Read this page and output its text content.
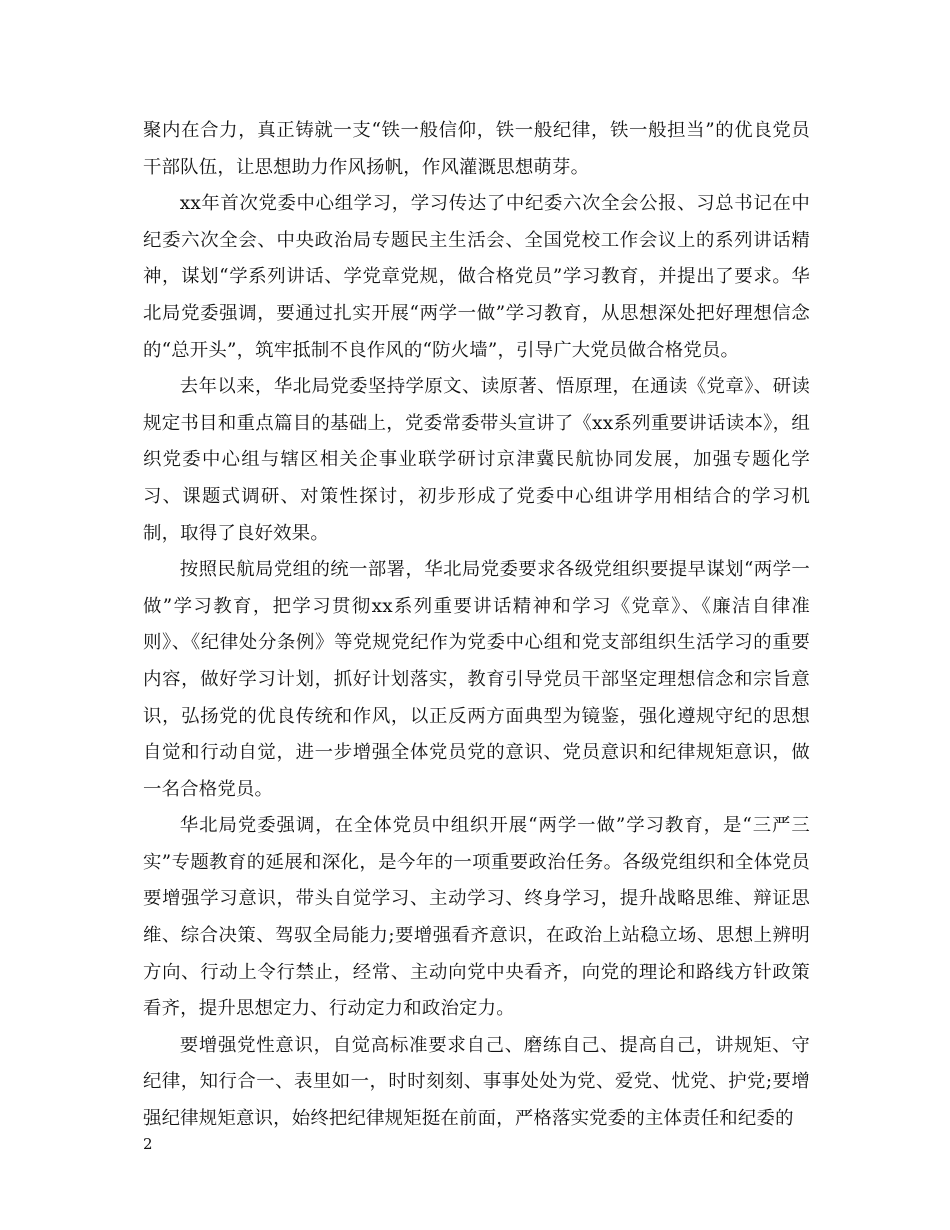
聚内在合力，真正铸就一支“铁一般信仰，铁一般纪律，铁一般担当”的优良党员干部队伍，让思想助力作风扬帆，作风灌溉思想萌芽。

xx年首次党委中心组学习，学习传达了中纪委六次全会公报、习总书记在中纪委六次全会、中央政治局专题民主生活会、全国党校工作会议上的系列讲话精神，谋划“学系列讲话、学党章党规，做合格党员”学习教育，并提出了要求。华北局党委强调，要通过扎实开展“两学一做”学习教育，从思想深处把好理想信念的“总开头”，筑牢抵制不良作风的“防火墙”，引导广大党员做合格党员。

去年以来，华北局党委坚持学原文、读原著、悟原理，在通读《党章》、研读规定书目和重点篇目的基础上，党委常委带头宣讲了《xx系列重要讲话读本》，组织党委中心组与辖区相关企事业联学研讨京津冀民航协同发展，加强专题化学习、课题式调研、对策性探讨，初步形成了党委中心组讲学用相结合的学习机制，取得了良好效果。

按照民航局党组的统一部署，华北局党委要求各级党组织要提早谋划“两学一做”学习教育，把学习贯彻xx系列重要讲话精神和学习《党章》、《廉洁自律准则》、《纪律处分条例》等党规党纪作为党委中心组和党支部组织生活学习的重要内容，做好学习计划，抓好计划落实，教育引导党员干部坚定理想信念和宗旨意识，弘扬党的优良传统和作风，以正反两方面典型为镜鉴，强化遵规守纪的思想自觉和行动自觉，进一步增强全体党员党的意识、党员意识和纪律规矩意识，做一名合格党员。

华北局党委强调，在全体党员中组织开展“两学一做”学习教育，是“三严三实”专题教育的延展和深化，是今年的一项重要政治任务。各级党组织和全体党员要增强学习意识，带头自觉学习、主动学习、终身学习，提升战略思维、辩证思维、综合决策、驾驭全局能力;要增强看齐意识，在政治上站稳立场、思想上辨明方向、行动上令行禁止，经常、主动向党中央看齐，向党的理论和路线方针政策看齐，提升思想定力、行动定力和政治定力。

要增强党性意识，自觉高标准要求自己、磨练自己、提高自己，讲规矩、守纪律，知行合一、表里如一，时时刻刻、事事处处为党、爱党、忧党、护党;要增强纪律规矩意识，始终把纪律规矩挺在前面，严格落实党委的主体责任和纪委的

2
